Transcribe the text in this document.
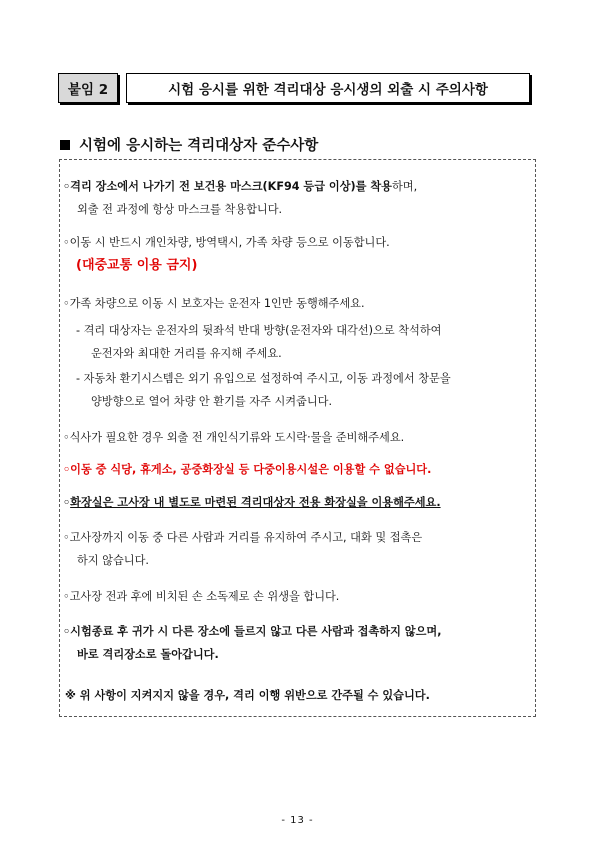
붙임 2	시험 응시를 위한 격리대상 응시생의 외출 시 주의사항
시험에 응시하는 격리대상자 준수사항
◦격리 장소에서 나가기 전 보건용 마스크(KF94 등급 이상)를 착용하며,
외출 전 과정에 항상 마스크를 착용합니다.
◦이동 시 반드시 개인차량, 방역택시, 가족 차량 등으로 이동합니다.
(대중교통 이용 금지)
◦가족 차량으로 이동 시 보호자는 운전자 1인만 동행해주세요.
- 격리 대상자는 운전자의 뒷좌석 반대 방향(운전자와 대각선)으로 착석하여
운전자와 최대한 거리를 유지해 주세요.
- 자동차 환기시스템은 외기 유입으로 설정하여 주시고, 이동 과정에서 창문을
양방향으로 열어 차량 안 환기를 자주 시켜줍니다.
◦식사가 필요한 경우 외출 전 개인식기류와 도시락·물을 준비해주세요.
◦이동 중 식당, 휴게소, 공중화장실 등 다중이용시설은 이용할 수 없습니다.
◦화장실은 고사장 내 별도로 마련된 격리대상자 전용 화장실을 이용해주세요.
◦고사장까지 이동 중 다른 사람과 거리를 유지하여 주시고, 대화 및 접촉은
하지 않습니다.
◦고사장 전과 후에 비치된 손 소독제로 손 위생을 합니다.
◦시험종료 후 귀가 시 다른 장소에 들르지 않고 다른 사람과 접촉하지 않으며,
바로 격리장소로 돌아갑니다.
※ 위 사항이 지켜지지 않을 경우, 격리 이행 위반으로 간주될 수 있습니다.
- 13 -
